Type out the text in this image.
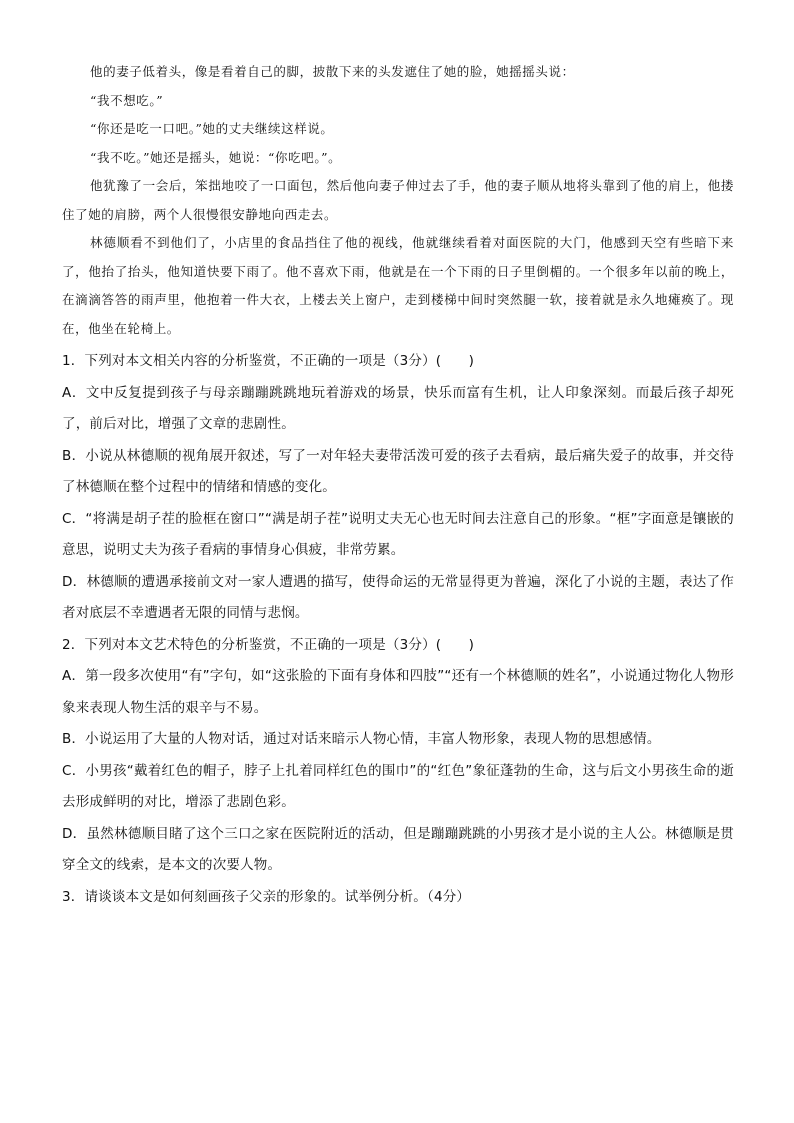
他的妻子低着头，像是看着自己的脚，披散下来的头发遮住了她的脸，她摇摇头说：

“我不想吃。”

“你还是吃一口吧。”她的丈夫继续这样说。

“我不吃。”她还是摇头，她说：“你吃吧。”。

他犹豫了一会后，笨拙地咬了一口面包，然后他向妻子伸过去了手，他的妻子顺从地将头靠到了他的肩上，他搂住了她的肩膀，两个人很慢很安静地向西走去。

林德顺看不到他们了，小店里的食品挡住了他的视线，他就继续看着对面医院的大门，他感到天空有些暗下来了，他抬了抬头，他知道快要下雨了。他不喜欢下雨，他就是在一个下雨的日子里倒楣的。一个很多年以前的晚上，在滴滴答答的雨声里，他抱着一件大衣，上楼去关上窗户，走到楼梯中间时突然腿一软，接着就是永久地瘫痪了。现在，他坐在轮椅上。

1．下列对本文相关内容的分析鉴赏，不正确的一项是（3分）(　　)

A．文中反复提到孩子与母亲蹦蹦跳跳地玩着游戏的场景，快乐而富有生机，让人印象深刻。而最后孩子却死了，前后对比，增强了文章的悲剧性。

B．小说从林德顺的视角展开叙述，写了一对年轻夫妻带活泼可爱的孩子去看病，最后痛失爱子的故事，并交待了林德顺在整个过程中的情绪和情感的变化。

C．“将满是胡子茬的脸框在窗口”“满是胡子茬”说明丈夫无心也无时间去注意自己的形象。“框”字面意是镶嵌的意思，说明丈夫为孩子看病的事情身心俱疲，非常劳累。

D．林德顺的遭遇承接前文对一家人遭遇的描写，使得命运的无常显得更为普遍，深化了小说的主题，表达了作者对底层不幸遭遇者无限的同情与悲悯。

2．下列对本文艺术特色的分析鉴赏，不正确的一项是（3分）(　　)

A．第一段多次使用“有”字句，如“这张脸的下面有身体和四肢”“还有一个林德顺的姓名”，小说通过物化人物形象来表现人物生活的艰辛与不易。

B．小说运用了大量的人物对话，通过对话来暗示人物心情，丰富人物形象，表现人物的思想感情。

C．小男孩“戴着红色的帽子，脖子上扎着同样红色的围巾”的“红色”象征蓬勃的生命，这与后文小男孩生命的逝去形成鲜明的对比，增添了悲剧色彩。

D．虽然林德顺目睹了这个三口之家在医院附近的活动，但是蹦蹦跳跳的小男孩才是小说的主人公。林德顺是贯穿全文的线索，是本文的次要人物。

3．请谈谈本文是如何刻画孩子父亲的形象的。试举例分析。（4分）
